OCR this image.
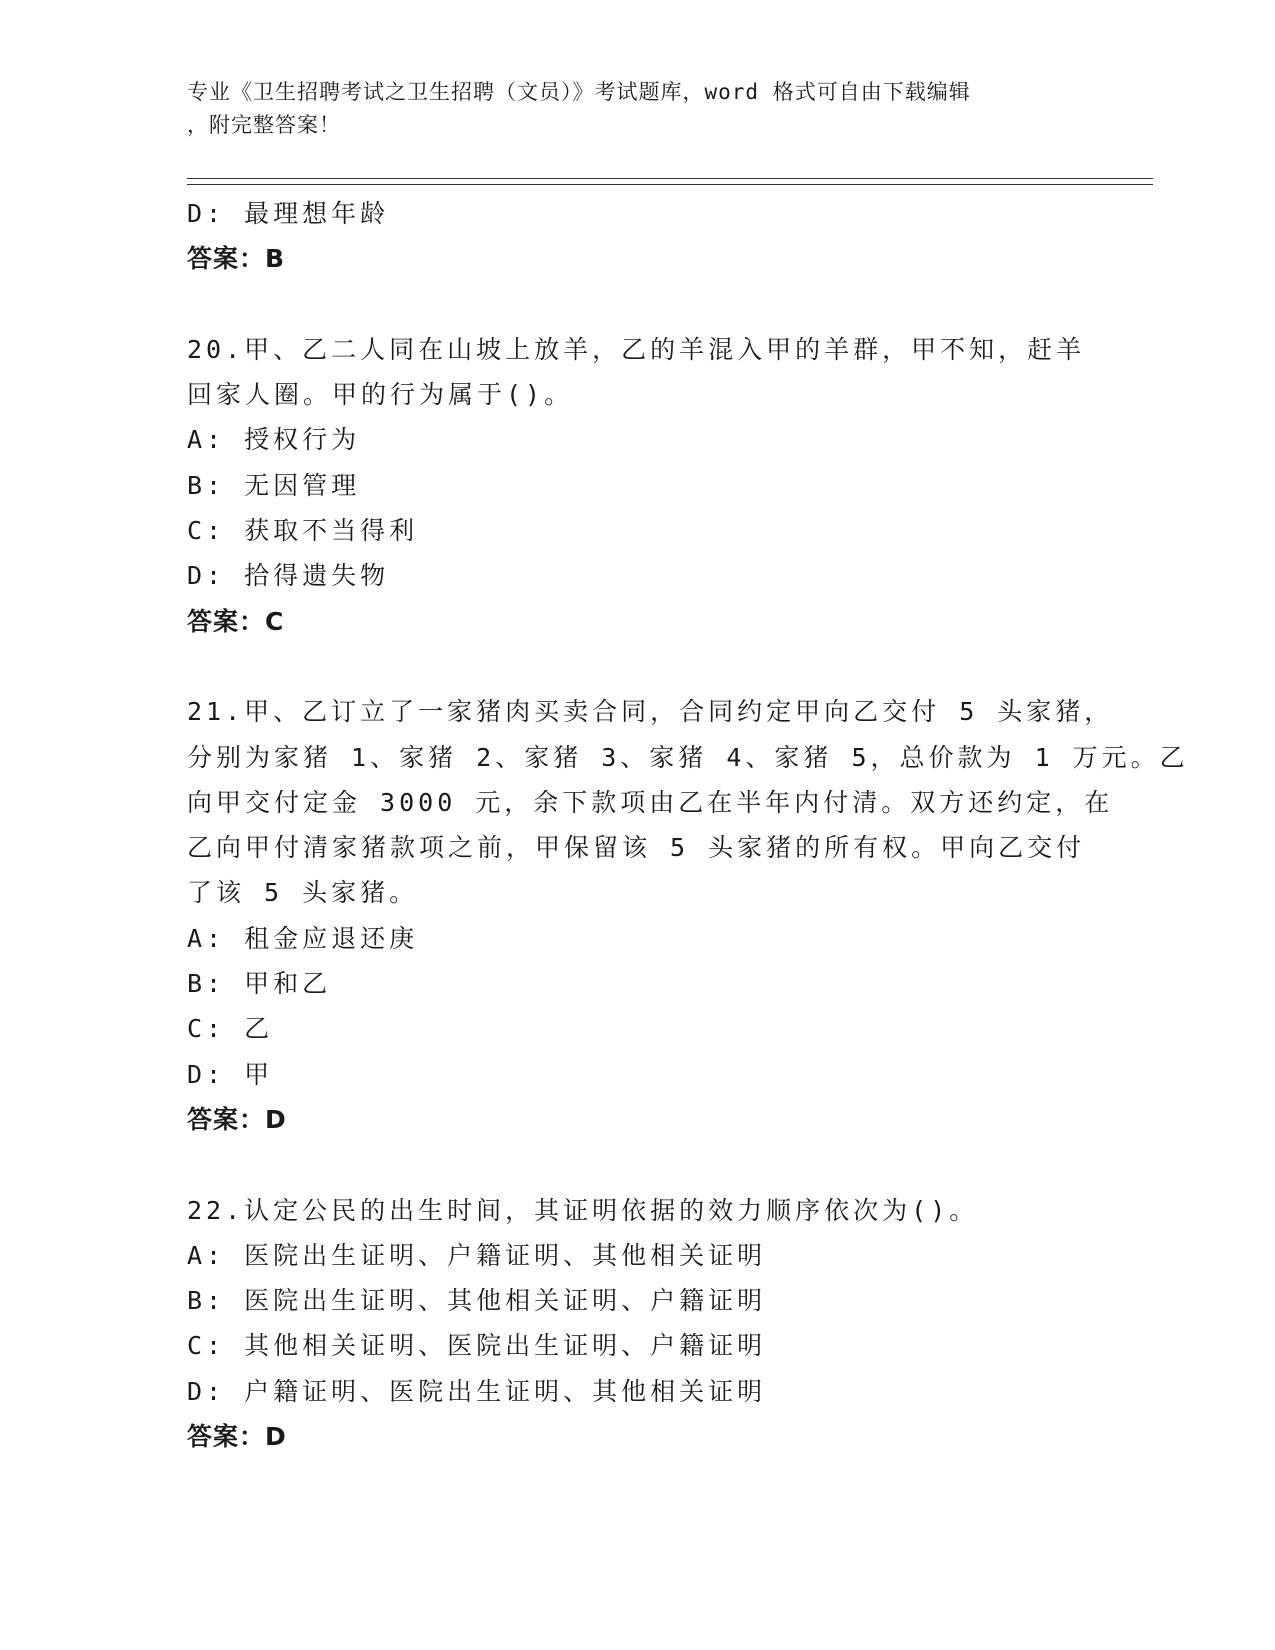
专业《卫生招聘考试之卫生招聘（文员）》考试题库，word 格式可自由下载编辑
，附完整答案！
D: 最理想年龄
答案：B
20.甲、乙二人同在山坡上放羊，乙的羊混入甲的羊群，甲不知，赶羊
回家人圈。甲的行为属于()。
A: 授权行为
B: 无因管理
C: 获取不当得利
D: 拾得遗失物
答案：C
21.甲、乙订立了一家猪肉买卖合同，合同约定甲向乙交付 5 头家猪，
分别为家猪 1、家猪 2、家猪 3、家猪 4、家猪 5，总价款为 1 万元。乙
向甲交付定金 3000 元，余下款项由乙在半年内付清。双方还约定，在
乙向甲付清家猪款项之前，甲保留该 5 头家猪的所有权。甲向乙交付
了该 5 头家猪。
A: 租金应退还庚
B: 甲和乙
C: 乙
D: 甲
答案：D
22.认定公民的出生时间，其证明依据的效力顺序依次为()。
A: 医院出生证明、户籍证明、其他相关证明
B: 医院出生证明、其他相关证明、户籍证明
C: 其他相关证明、医院出生证明、户籍证明
D: 户籍证明、医院出生证明、其他相关证明
答案：D
